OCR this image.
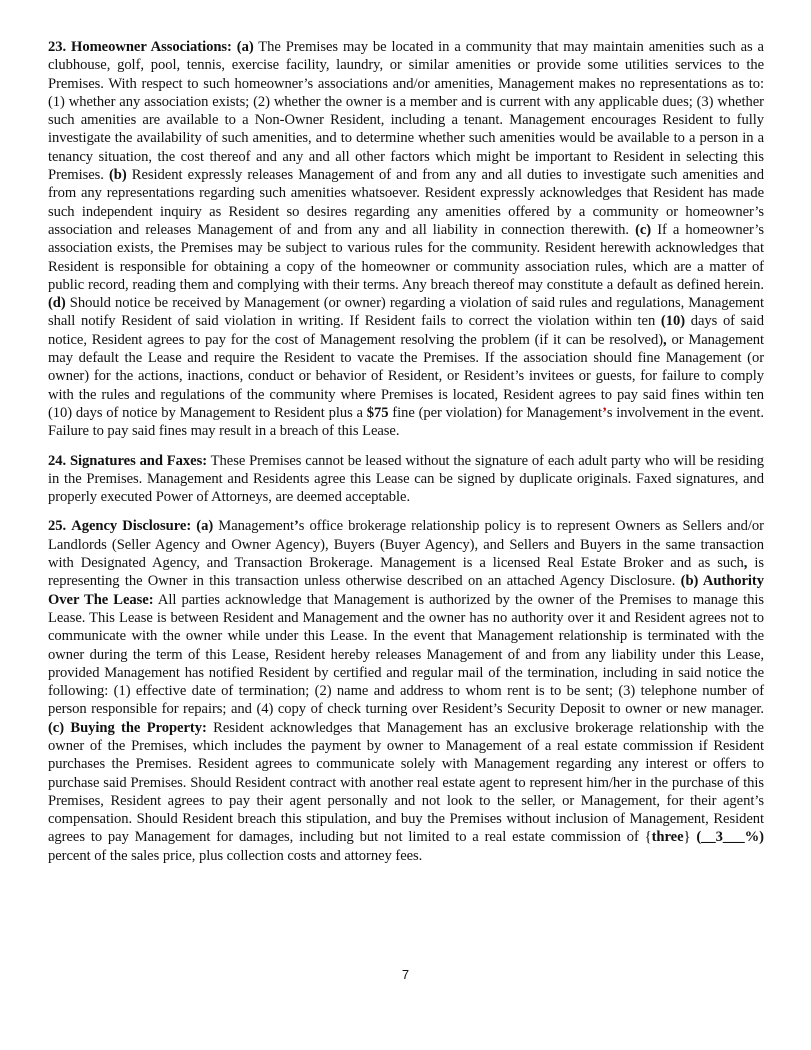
23. Homeowner Associations: (a) The Premises may be located in a community that may maintain amenities such as a clubhouse, golf, pool, tennis, exercise facility, laundry, or similar amenities or provide some utilities services to the Premises. With respect to such homeowner’s associations and/or amenities, Management makes no representations as to: (1) whether any association exists; (2) whether the owner is a member and is current with any applicable dues; (3) whether such amenities are available to a Non-Owner Resident, including a tenant. Management encourages Resident to fully investigate the availability of such amenities, and to determine whether such amenities would be available to a person in a tenancy situation, the cost thereof and any and all other factors which might be important to Resident in selecting this Premises. (b) Resident expressly releases Management of and from any and all duties to investigate such amenities and from any representations regarding such amenities whatsoever. Resident expressly acknowledges that Resident has made such independent inquiry as Resident so desires regarding any amenities offered by a community or homeowner’s association and releases Management of and from any and all liability in connection therewith. (c) If a homeowner’s association exists, the Premises may be subject to various rules for the community. Resident herewith acknowledges that Resident is responsible for obtaining a copy of the homeowner or community association rules, which are a matter of public record, reading them and complying with their terms. Any breach thereof may constitute a default as defined herein. (d) Should notice be received by Management (or owner) regarding a violation of said rules and regulations, Management shall notify Resident of said violation in writing. If Resident fails to correct the violation within ten (10) days of said notice, Resident agrees to pay for the cost of Management resolving the problem (if it can be resolved), or Management may default the Lease and require the Resident to vacate the Premises. If the association should fine Management (or owner) for the actions, inactions, conduct or behavior of Resident, or Resident’s invitees or guests, for failure to comply with the rules and regulations of the community where Premises is located, Resident agrees to pay said fines within ten (10) days of notice by Management to Resident plus a $75 fine (per violation) for Management’s involvement in the event. Failure to pay said fines may result in a breach of this Lease.

24. Signatures and Faxes: These Premises cannot be leased without the signature of each adult party who will be residing in the Premises. Management and Residents agree this Lease can be signed by duplicate originals. Faxed signatures, and properly executed Power of Attorneys, are deemed acceptable.

25. Agency Disclosure: (a) Management’s office brokerage relationship policy is to represent Owners as Sellers and/or Landlords (Seller Agency and Owner Agency), Buyers (Buyer Agency), and Sellers and Buyers in the same transaction with Designated Agency, and Transaction Brokerage. Management is a licensed Real Estate Broker and as such, is representing the Owner in this transaction unless otherwise described on an attached Agency Disclosure. (b) Authority Over The Lease: All parties acknowledge that Management is authorized by the owner of the Premises to manage this Lease. This Lease is between Resident and Management and the owner has no authority over it and Resident agrees not to communicate with the owner while under this Lease. In the event that Management relationship is terminated with the owner during the term of this Lease, Resident hereby releases Management of and from any liability under this Lease, provided Management has notified Resident by certified and regular mail of the termination, including in said notice the following: (1) effective date of termination; (2) name and address to whom rent is to be sent; (3) telephone number of person responsible for repairs; and (4) copy of check turning over Resident’s Security Deposit to owner or new manager. (c) Buying the Property: Resident acknowledges that Management has an exclusive brokerage relationship with the owner of the Premises, which includes the payment by owner to Management of a real estate commission if Resident purchases the Premises. Resident agrees to communicate solely with Management regarding any interest or offers to purchase said Premises. Should Resident contract with another real estate agent to represent him/her in the purchase of this Premises, Resident agrees to pay their agent personally and not look to the seller, or Management, for their agent’s compensation. Should Resident breach this stipulation, and buy the Premises without inclusion of Management, Resident agrees to pay Management for damages, including but not limited to a real estate commission of {three} (__3___%) percent of the sales price, plus collection costs and attorney fees.

7
